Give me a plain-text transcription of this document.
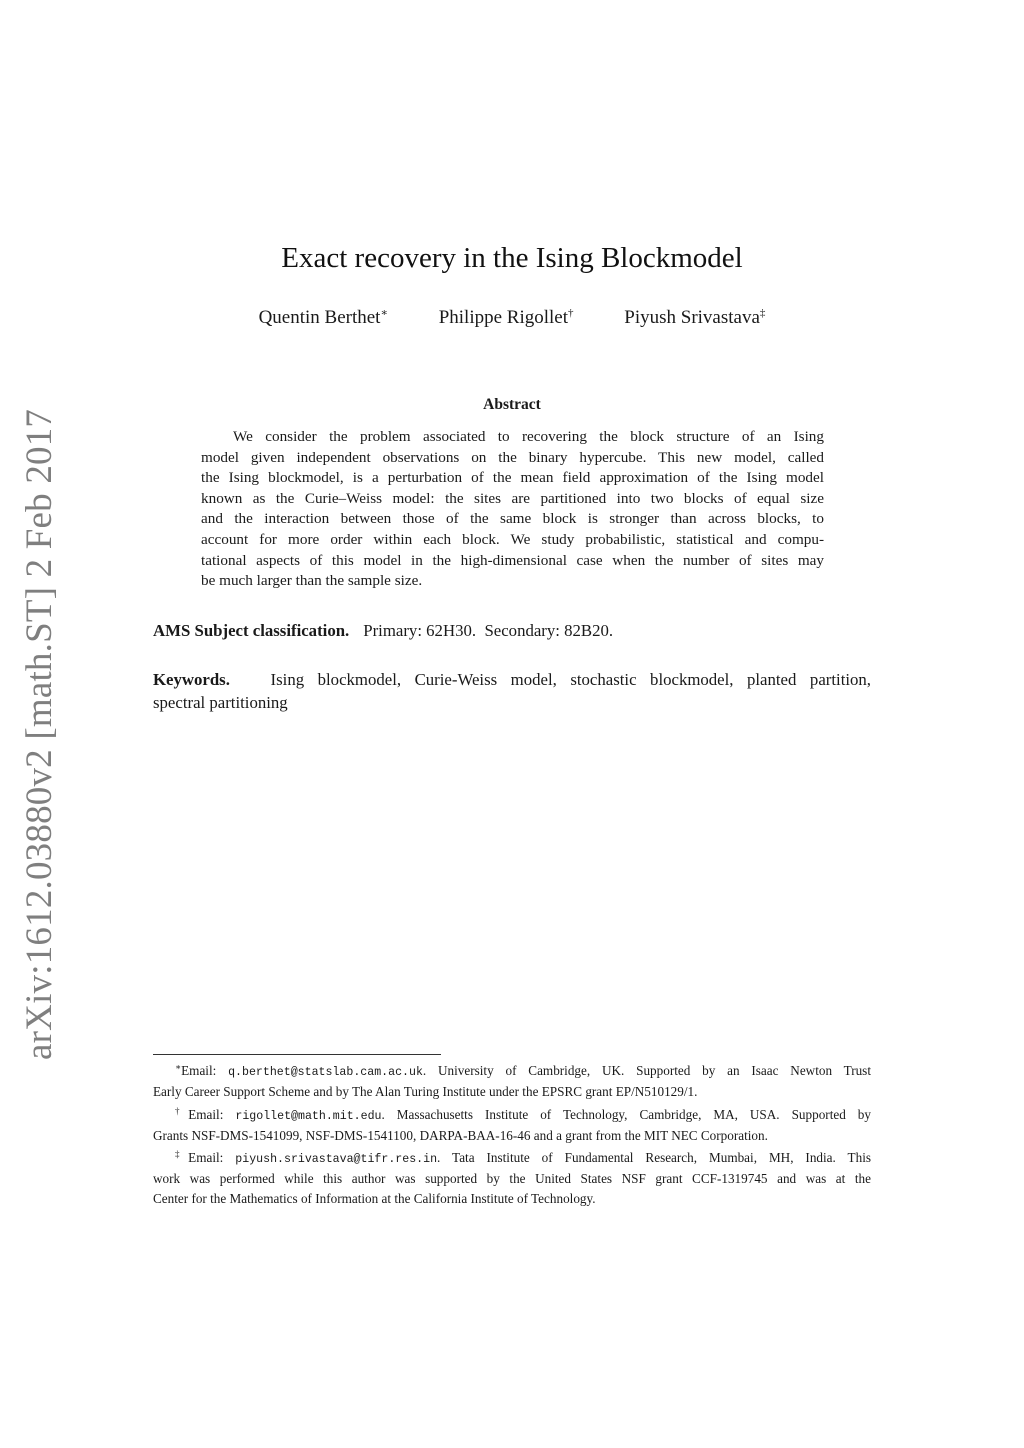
arXiv:1612.03880v2 [math.ST] 2 Feb 2017
Exact recovery in the Ising Blockmodel
Quentin Berthet∗	Philippe Rigollet†	Piyush Srivastava‡
Abstract
We consider the problem associated to recovering the block structure of an Ising
model given independent observations on the binary hypercube. This new model, called
the Ising blockmodel, is a perturbation of the mean field approximation of the Ising model
known as the Curie–Weiss model: the sites are partitioned into two blocks of equal size
and the interaction between those of the same block is stronger than across blocks, to
account for more order within each block. We study probabilistic, statistical and compu-
tational aspects of this model in the high-dimensional case when the number of sites may
be much larger than the sample size.
AMS Subject classification. Primary: 62H30. Secondary: 82B20.
Keywords. Ising blockmodel, Curie-Weiss model, stochastic blockmodel, planted partition,
spectral partitioning
∗Email: q.berthet@statslab.cam.ac.uk. University of Cambridge, UK. Supported by an Isaac Newton Trust
Early Career Support Scheme and by The Alan Turing Institute under the EPSRC grant EP/N510129/1.
†Email: rigollet@math.mit.edu. Massachusetts Institute of Technology, Cambridge, MA, USA. Supported by
Grants NSF-DMS-1541099, NSF-DMS-1541100, DARPA-BAA-16-46 and a grant from the MIT NEC Corporation.
‡Email: piyush.srivastava@tifr.res.in. Tata Institute of Fundamental Research, Mumbai, MH, India. This
work was performed while this author was supported by the United States NSF grant CCF-1319745 and was at the
Center for the Mathematics of Information at the California Institute of Technology.
